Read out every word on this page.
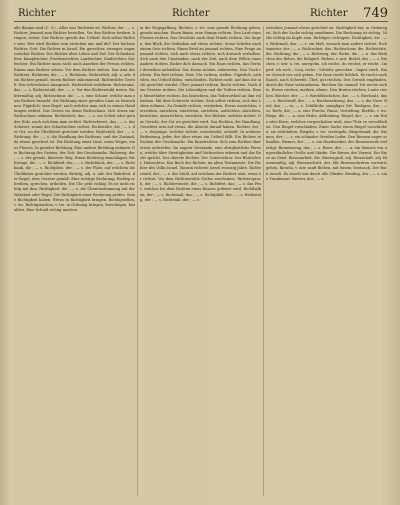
Richter	Richter	Richter 749

alle Bäume sind (C. 9.) ; Alles was Rechtens ist. Richter, der ; — s. Richter. Jemand zum Richter bestellen. Vor den Richter fordern, bringen, treten. Der Richter spricht das Urtheil. Sich selbst Richter sein. Wer wird Richter sein zwischen mir und dir? Der höchste Richter, Gott. Die Richter in Israel. Ein gerechter, strenger, unparteiischer Richter. Der Richter über Leben und Tod. Der Schiedsrichter, Kampfrichter, Friedensrichter, Landrichter, Stadtrichter, Dorfrichter. Ein Richter muss nicht nach Ansehen der Person richten. Einem zum Richter setzen. Vor dem Richter stehen. Das Amt des Richters. Richterin, die ; — s. Richterin. Richterlich, adj. u. adv. dem Richter gemäß, einem Richter zukommend. Richterliche Gewalt. Ein richterlicher Ausspruch. Richterlich verfahren. Richteramt, das ; — s. Richterstuhl, der ; — s. Vor den Richterstuhl treten. Richtermäßig, adj. Richtschnur, die ; — s. eine Schnur, welche man zum Richten braucht, die Richtung einer geraden Linie zu bezeichnen. Figürlich, eine Regel, nach welcher man sich in seinen Handlungen richtet. Das Gesetz sei deine Richtschnur. Sich etwas zur Richtschnur nehmen. Richtscheit, das ; — s. ein Scheit oder gerades Holz, nach welchem man richtet. Richtschwert, das ; — s. das Schwert, womit der Scharfrichter richtet. Richtstätte, die ; — s. der Ort, wo die Übelthäter gerichtet werden. Richtstuhl, der ; — s. Richtung, die ; — s. die Handlung des Richtens, und der Zustand, da etwas gerichtet ist. Die Richtung einer Linie, eines Weges, eines Flusses. In gerader Richtung. Eine andere Richtung nehmen. Die Richtung des Geistes, der Zeit, des Geschmacks. Richtweg, der ; — s. der gerade, kürzeste Weg. Einen Richtweg einschlagen. Richtwage, die ; — s. Richtbeil, das ; — s. Richtblock, der ; — s. Richtbank, die ; — s. Richtplatz, der ; — s. der Platz, auf welchem die Übelthäter gerichtet werden. Richtig, adj. u. adv. der Wahrheit, der Regel, dem Gesetze gemäß. Eine richtige Rechnung. Richtig schreiben, sprechen, urtheilen. Die Uhr geht richtig. Es ist nicht richtig mit ihm. Richtigkeit, die ; — s. die Übereinstimmung mit der Wahrheit oder Regel. Die Richtigkeit einer Rechnung prüfen. Seine Richtigkeit haben. Etwas in Richtigkeit bringen. Richtigstellen, v. trs. Richtigmachen, v. trs. in Ordnung bringen, berichtigen, bezahlen. Eine Schuld richtig machen.

in die Wegegaffung. Richten, v. trs. eine gerade Richtung geben, gerade machen. Einen Baum, eine Stange richten. Den Lauf eines Flusses richten. Das Geschütz nach dem Feinde richten. Die Augen, den Blick, die Gedanken auf etwas richten. Seine Schritte nach einem Orte richten. Einen Brief an jemand richten. Eine Frage an jemand richten. Sich nach etwas richten, sich darnach verhalten. Sich nach den Umständen, nach der Zeit, nach dem Willen eines Andern richten. Richte dich darnach. Ein Haus richten, das Gerüst desselben aufstellen. Das Essen richten, zubereiten. Den Tisch richten. Ein Bett richten. Eine Uhr richten, stellen. Figürlich, urtheilen, ein Urtheil fällen, entscheiden. Richtet nicht, auf dass ihr nicht gerichtet werdet. Über jemand richten. Recht richten. Nach dem Gesetze richten. Die Lebendigen und die Todten richten. Einen Missethäter richten, ihn hinrichten, das Todesurtheil an ihm vollziehen. Mit dem Schwerte richten. Sich selbst richten, sich das Leben nehmen. Zu Grunde richten, verderben. Etwas ausrichten, verrichten, anrichten, einrichten, zurichten, aufrichten, abrichten, berichten, unterrichten, errichten. Der Richter, welcher richtet. Das Gericht, der Ort wo gerichtet wird. Das Richten, die Handlung. Gerichtet sein auf etwas, die Absicht darauf haben. Richter, der ; — s. derjenige, welcher richtet, entscheidet, urtheilt. In weiterer Bedeutung, jeder, der über etwas ein Urtheil fällt. Ein Richter in Sachen des Geschmacks. Ein Kunstrichter. Sich zum Richter über etwas aufwerfen. Im engern Verstande, eine obrigkeitliche Person, welche über Streitigkeiten und Verbrechen erkennt und das Recht spricht. Der oberste Richter. Der Unterrichter. Der Blutrichter, Halsrichter. Das Buch der Richter, im alten Testamente. Die Richter des Volks Israel. Simson richtete Israel zwanzig Jahre. Richterstuhl, der ; — s. der Stuhl, auf welchem der Richter sitzt, wenn er richtet. Vor dem Richterstuhle Gottes erscheinen. Richterspruch, der ; — s. Richterwürde, die ; — s. Richtfest, das ; — s. das Fest, welches bei dem Richten eines Hauses gefeiert wird. Richtbalken, der ; — s. Richtmaß, das ; — s. Richtpfahl, der ; — s. Richtsteig, der ; — s. Richtstab, der ; — s.

zwischen Jemand etwas gerichtet ist. Richtigkeit hat, in Ordnung ist. Sich der Sache richtig annehmen. Die Rechnung ist richtig. Nicht richtig im Kopfe sein. Richtiger, richtigste. Richtigkeit, die ; — s. Richtmaß, das ; — s. ein Maß, wonach man andere richtet. Richtmeister, der ; — s. Richtscheit, das. Richtschnur, die. Richtstätte, die. Richtung, die ; — s. Richtweg, der. Ricke, die ; — n. das Weibchen des Rehes, die Rehgeiß. Ricken, v. intr. Rickel, der ; — s. Riechen, v. intr. u. trs. unregelm. ich rieche, du riechst, er riecht ; Imperf. ich roch ; Conj. röche ; Mittelw. gerochen ; Imper. riech. Einen Geruch von sich geben. Die Rose riecht lieblich. Es riecht nach Rauch, nach Schwefel. Übel, gut riechen. Den Geruch empfinden, durch die Nase wahrnehmen. Riechen Sie einmal! Ich rieche nichts. Etwas riechen, merken, ahnen. Den Braten riechen. Lunte riechen. Riecher, der ; — s. Riechfläschchen, das ; — s. Riechsalz, das ; — s. Riechstoff, der ; — s. Riechwerkzeug, das ; — s. die Nase. Ried, das ; — es, — e. Schilfrohr, sumpfiger Ort. Riedgras, das ; — es. Riefe, die ; — n. eine Furche, Rinne, Vertiefung. Riefeln, v. trs. Riege, die ; — n. eine Reihe, Abtheilung. Riegel, der ; — s. ein Holz oder Eisen, welches vorgeschoben wird, eine Thür zu verschließen. Den Riegel vorschieben. Einer Sache einen Riegel vorschieben, sie verhindern. Riegeln, v. trs. verriegeln. Riegelwand, die. Riemen, der ; — s. ein schmaler Streifen Leder. Den Riemen enger schnallen. Riemer, der ; — s. ein Handwerker, der Riemenwerk verfertigt. Riemenzeug, das ; — s. Riese, der ; — n. ein Mensch von ungewöhnlicher Größe und Stärke. Die Riesen der Vorzeit. Ein Riese an Geist. Riesenarbeit, die. Riesengroß, adj. Riesenhaft, adj. Riesenmäßig, adj. Riesenschritt, der. Mit Riesenschritten vorwärts gehen. Rieseln, v. intr. sanft fließen, mit leisem Geräusch. Der Bach rieselt. Es rieselt mir durch alle Glieder. Riesling, der ; — s. eine Traubenart. Riester, der ; — s.
